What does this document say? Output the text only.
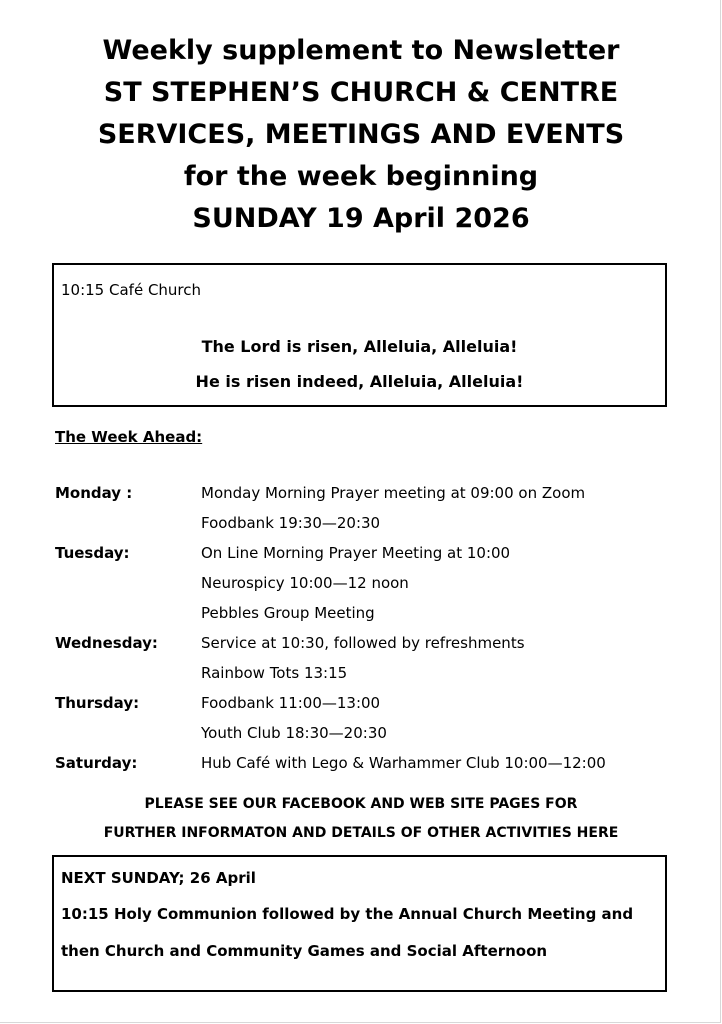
Weekly supplement to Newsletter
ST STEPHEN’S CHURCH & CENTRE
SERVICES, MEETINGS AND EVENTS
for the week beginning
SUNDAY 19 April 2026
10:15 Café Church
The Lord is risen, Alleluia, Alleluia!
He is risen indeed, Alleluia, Alleluia!
The Week Ahead:
Monday :	Monday Morning Prayer meeting at 09:00 on Zoom
Foodbank 19:30—20:30
Tuesday:	On Line Morning Prayer Meeting at 10:00
Neurospicy 10:00—12 noon
Pebbles Group Meeting
Wednesday:	Service at 10:30, followed by refreshments
Rainbow Tots 13:15
Thursday:	Foodbank 11:00—13:00
Youth Club 18:30—20:30
Saturday:	Hub Café with Lego & Warhammer Club 10:00—12:00
PLEASE SEE OUR FACEBOOK AND WEB SITE PAGES FOR
FURTHER INFORMATON AND DETAILS OF OTHER ACTIVITIES HERE
NEXT SUNDAY; 26 April
10:15 Holy Communion followed by the Annual Church Meeting and
then Church and Community Games and Social Afternoon
